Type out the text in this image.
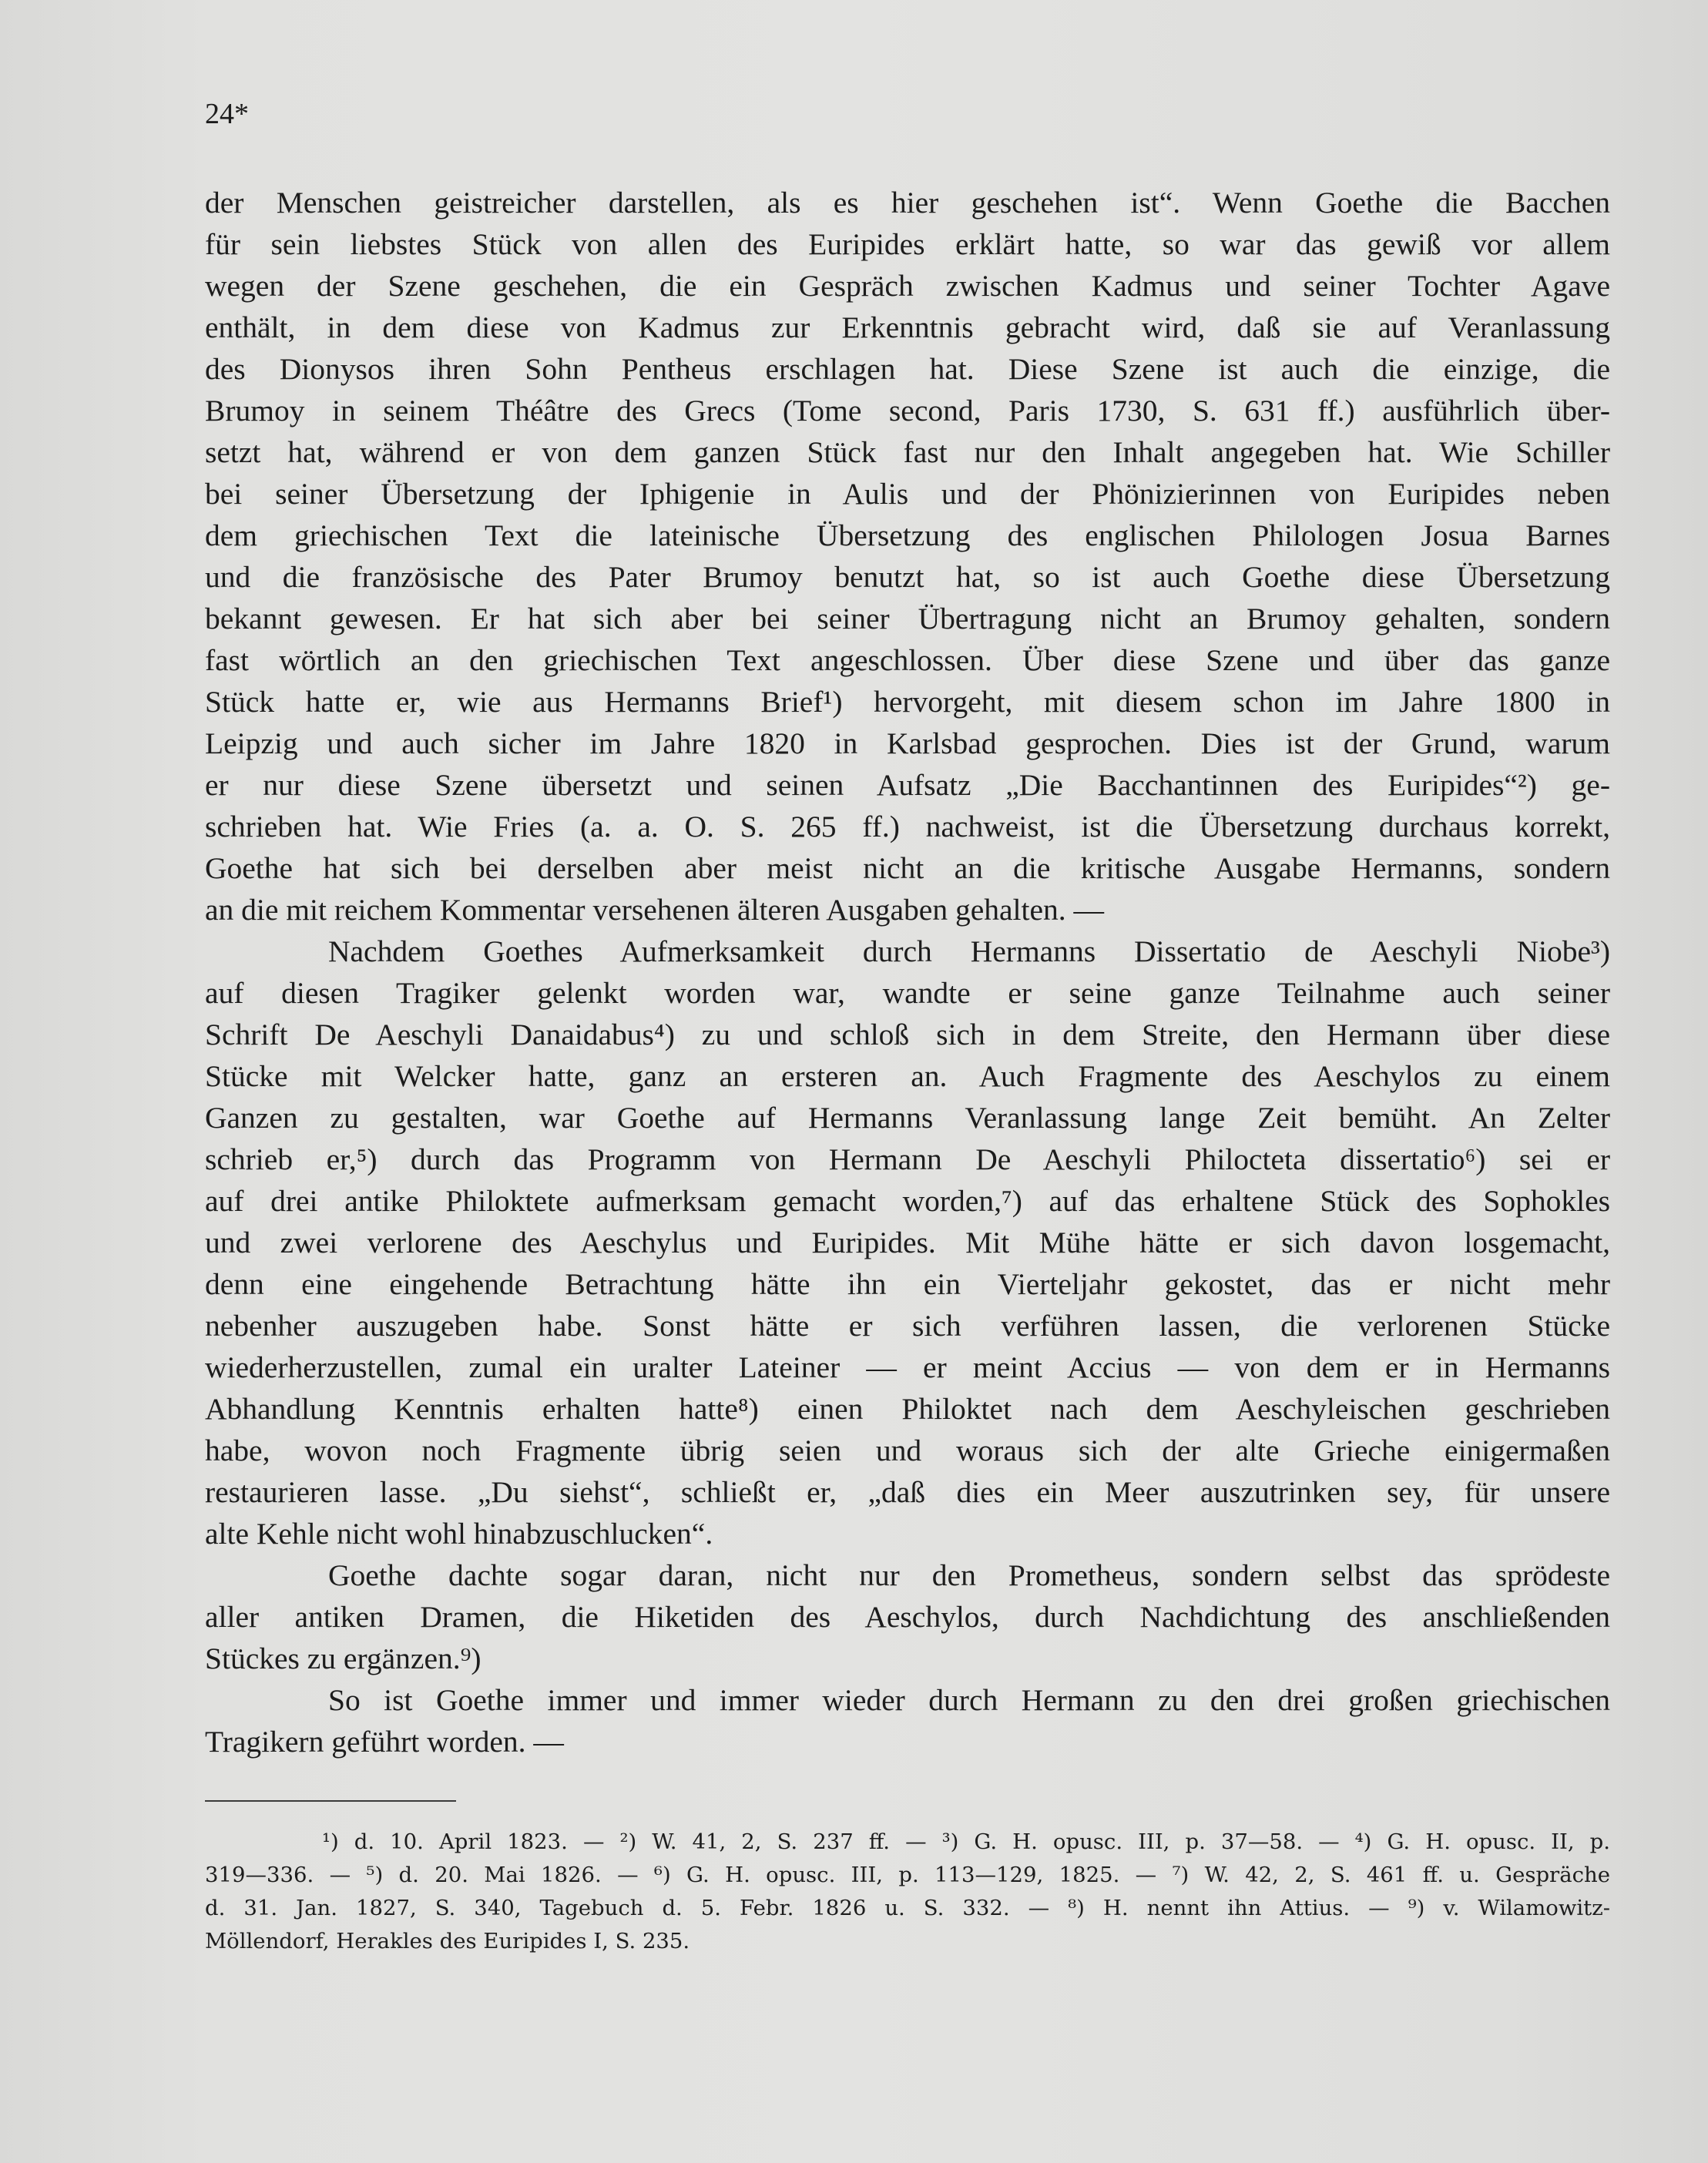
24*

der Menschen geistreicher darstellen, als es hier geschehen ist“. Wenn Goethe die Bacchen
für sein liebstes Stück von allen des Euripides erklärt hatte, so war das gewiß vor allem
wegen der Szene geschehen, die ein Gespräch zwischen Kadmus und seiner Tochter Agave
enthält, in dem diese von Kadmus zur Erkenntnis gebracht wird, daß sie auf Veranlassung
des Dionysos ihren Sohn Pentheus erschlagen hat. Diese Szene ist auch die einzige, die
Brumoy in seinem Théâtre des Grecs (Tome second, Paris 1730, S. 631 ff.) ausführlich über-
setzt hat, während er von dem ganzen Stück fast nur den Inhalt angegeben hat. Wie Schiller
bei seiner Übersetzung der Iphigenie in Aulis und der Phönizierinnen von Euripides neben
dem griechischen Text die lateinische Übersetzung des englischen Philologen Josua Barnes
und die französische des Pater Brumoy benutzt hat, so ist auch Goethe diese Übersetzung
bekannt gewesen. Er hat sich aber bei seiner Übertragung nicht an Brumoy gehalten, sondern
fast wörtlich an den griechischen Text angeschlossen. Über diese Szene und über das ganze
Stück hatte er, wie aus Hermanns Brief¹) hervorgeht, mit diesem schon im Jahre 1800 in
Leipzig und auch sicher im Jahre 1820 in Karlsbad gesprochen. Dies ist der Grund, warum
er nur diese Szene übersetzt und seinen Aufsatz „Die Bacchantinnen des Euripides“²) ge-
schrieben hat. Wie Fries (a. a. O. S. 265 ff.) nachweist, ist die Übersetzung durchaus korrekt,
Goethe hat sich bei derselben aber meist nicht an die kritische Ausgabe Hermanns, sondern
an die mit reichem Kommentar versehenen älteren Ausgaben gehalten. —
Nachdem Goethes Aufmerksamkeit durch Hermanns Dissertatio de Aeschyli Niobe³)
auf diesen Tragiker gelenkt worden war, wandte er seine ganze Teilnahme auch seiner
Schrift De Aeschyli Danaidabus⁴) zu und schloß sich in dem Streite, den Hermann über diese
Stücke mit Welcker hatte, ganz an ersteren an. Auch Fragmente des Aeschylos zu einem
Ganzen zu gestalten, war Goethe auf Hermanns Veranlassung lange Zeit bemüht. An Zelter
schrieb er,⁵) durch das Programm von Hermann De Aeschyli Philocteta dissertatio⁶) sei er
auf drei antike Philoktete aufmerksam gemacht worden,⁷) auf das erhaltene Stück des Sophokles
und zwei verlorene des Aeschylus und Euripides. Mit Mühe hätte er sich davon losgemacht,
denn eine eingehende Betrachtung hätte ihn ein Vierteljahr gekostet, das er nicht mehr
nebenher auszugeben habe. Sonst hätte er sich verführen lassen, die verlorenen Stücke
wiederherzustellen, zumal ein uralter Lateiner — er meint Accius — von dem er in Hermanns
Abhandlung Kenntnis erhalten hatte⁸) einen Philoktet nach dem Aeschyleischen geschrieben
habe, wovon noch Fragmente übrig seien und woraus sich der alte Grieche einigermaßen
restaurieren lasse. „Du siehst“, schließt er, „daß dies ein Meer auszutrinken sey, für unsere
alte Kehle nicht wohl hinabzuschlucken“.
Goethe dachte sogar daran, nicht nur den Prometheus, sondern selbst das sprödeste
aller antiken Dramen, die Hiketiden des Aeschylos, durch Nachdichtung des anschließenden
Stückes zu ergänzen.⁹)
So ist Goethe immer und immer wieder durch Hermann zu den drei großen griechischen
Tragikern geführt worden. —
¹) d. 10. April 1823. — ²) W. 41, 2, S. 237 ff. — ³) G. H. opusc. III, p. 37—58. — ⁴) G. H. opusc. II, p.
319—336. — ⁵) d. 20. Mai 1826. — ⁶) G. H. opusc. III, p. 113—129, 1825. — ⁷) W. 42, 2, S. 461 ff. u. Gespräche
d. 31. Jan. 1827, S. 340, Tagebuch d. 5. Febr. 1826 u. S. 332. — ⁸) H. nennt ihn Attius. — ⁹) v. Wilamowitz-
Möllendorf, Herakles des Euripides I, S. 235.
